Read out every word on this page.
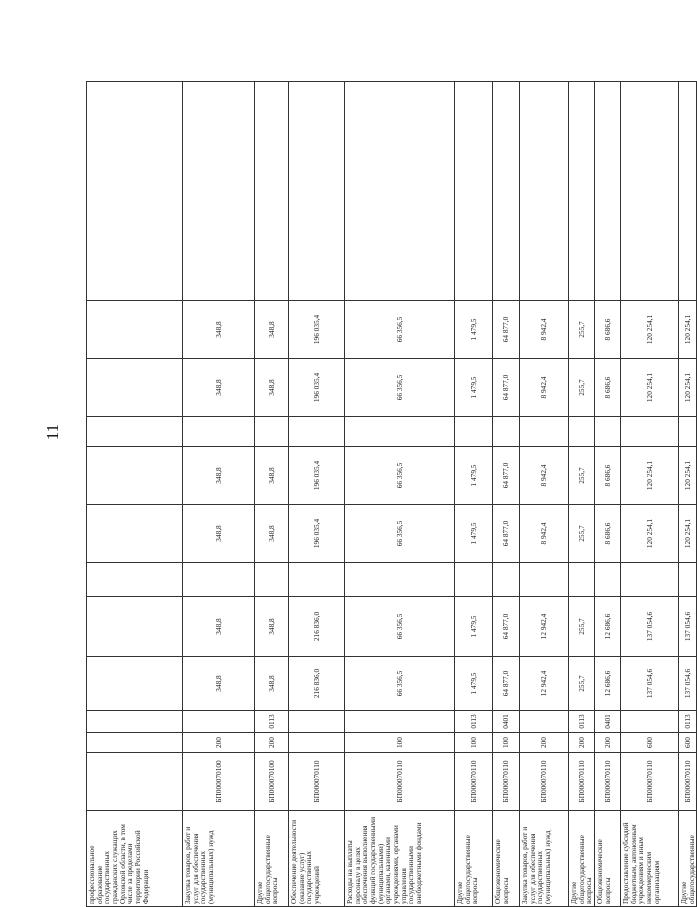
11
профессиональное образование государственных гражданских служащих Орловской области, в том числе за пределами территории Российской Федерации												
Закупка товаров, работ и услуг для обеспечения государственных (муниципальных) нужд	БП000070100	200		348,8	348,8		348,8	348,8		348,8	348,8	
Другие общегосударственные вопросы	БП000070100	200	0113	348,8	348,8		348,8	348,8		348,8	348,8	
Обеспечение деятельности (оказание услуг) государственных учреждений	БП000070110			216 836,0	216 836,0		196 035,4	196 035,4		196 035,4	196 035,4	
Расходы на выплаты персоналу в целях обеспечения выполнения функций государственными (муниципальными) органами, казенными учреждениями, органами управления государственными внебюджетными фондами	БП000070110	100		66 356,5	66 356,5		66 356,5	66 356,5		66 356,5	66 356,5	
Другие общегосударственные вопросы	БП000070110	100	0113	1 479,5	1 479,5		1 479,5	1 479,5		1 479,5	1 479,5	
Общеэкономические вопросы	БП000070110	100	0401	64 877,0	64 877,0		64 877,0	64 877,0		64 877,0	64 877,0	
Закупка товаров, работ и услуг для обеспечения государственных (муниципальных) нужд	БП000070110	200		12 942,4	12 942,4		8 942,4	8 942,4		8 942,4	8 942,4	
Другие общегосударственные вопросы	БП000070110	200	0113	255,7	255,7		255,7	255,7		255,7	255,7	
Общеэкономические вопросы	БП000070110	200	0401	12 686,6	12 686,6		8 686,6	8 686,6		8 686,6	8 686,6	
Предоставление субсидий бюджетным, автономным учреждениям и иным некоммерческим организациям	БП000070110	600		137 054,6	137 054,6		120 254,1	120 254,1		120 254,1	120 254,1	
Другие общегосударственные	БП000070110	600	0113	137 054,6	137 054,6		120 254,1	120 254,1		120 254,1	120 254,1	
